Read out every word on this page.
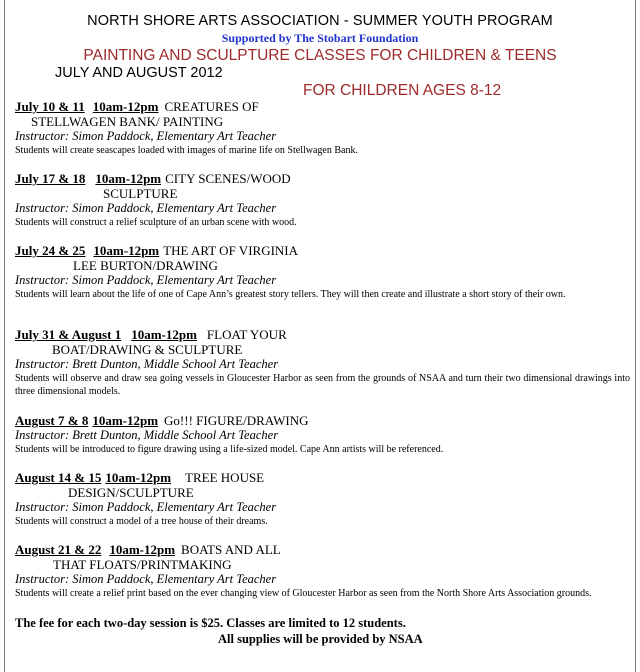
NORTH SHORE ARTS ASSOCIATION - SUMMER YOUTH PROGRAM
Supported by The Stobart Foundation
PAINTING AND SCULPTURE CLASSES FOR CHILDREN & TEENS
JULY AND AUGUST 2012
FOR CHILDREN AGES 8-12
July 10 & 11 10am-12pm CREATURES OF
STELLWAGEN BANK/ PAINTING
Instructor: Simon Paddock, Elementary Art Teacher
Students will create seascapes loaded with images of marine life on Stellwagen Bank.
July 17 & 18 10am-12pm CITY SCENES/WOOD
SCULPTURE
Instructor: Simon Paddock, Elementary Art Teacher
Students will construct a relief sculpture of an urban scene with wood.
July 24 & 25 10am-12pm THE ART OF VIRGINIA
LEE BURTON/DRAWING
Instructor: Simon Paddock, Elementary Art Teacher
Students will learn about the life of one of Cape Ann’s greatest story tellers. They will then create and illustrate a short story of their own.
July 31 & August 1 10am-12pm FLOAT YOUR
BOAT/DRAWING & SCULPTURE
Instructor: Brett Dunton, Middle School Art Teacher
Students will observe and draw sea going vessels in Gloucester Harbor as seen from the grounds of NSAA and turn their two dimensional drawings into three dimensional models.
August 7 & 8 10am-12pm Go!!! FIGURE/DRAWING
Instructor: Brett Dunton, Middle School Art Teacher
Students will be introduced to figure drawing using a life-sized model. Cape Ann artists will be referenced.
August 14 & 15 10am-12pm TREE HOUSE
DESIGN/SCULPTURE
Instructor: Simon Paddock, Elementary Art Teacher
Students will construct a model of a tree house of their dreams.
August 21 & 22 10am-12pm BOATS AND ALL
THAT FLOATS/PRINTMAKING
Instructor: Simon Paddock, Elementary Art Teacher
Students will create a relief print based on the ever changing view of Gloucester Harbor as seen from the North Shore Arts Association grounds.
The fee for each two-day session is $25. Classes are limited to 12 students.
All supplies will be provided by NSAA
